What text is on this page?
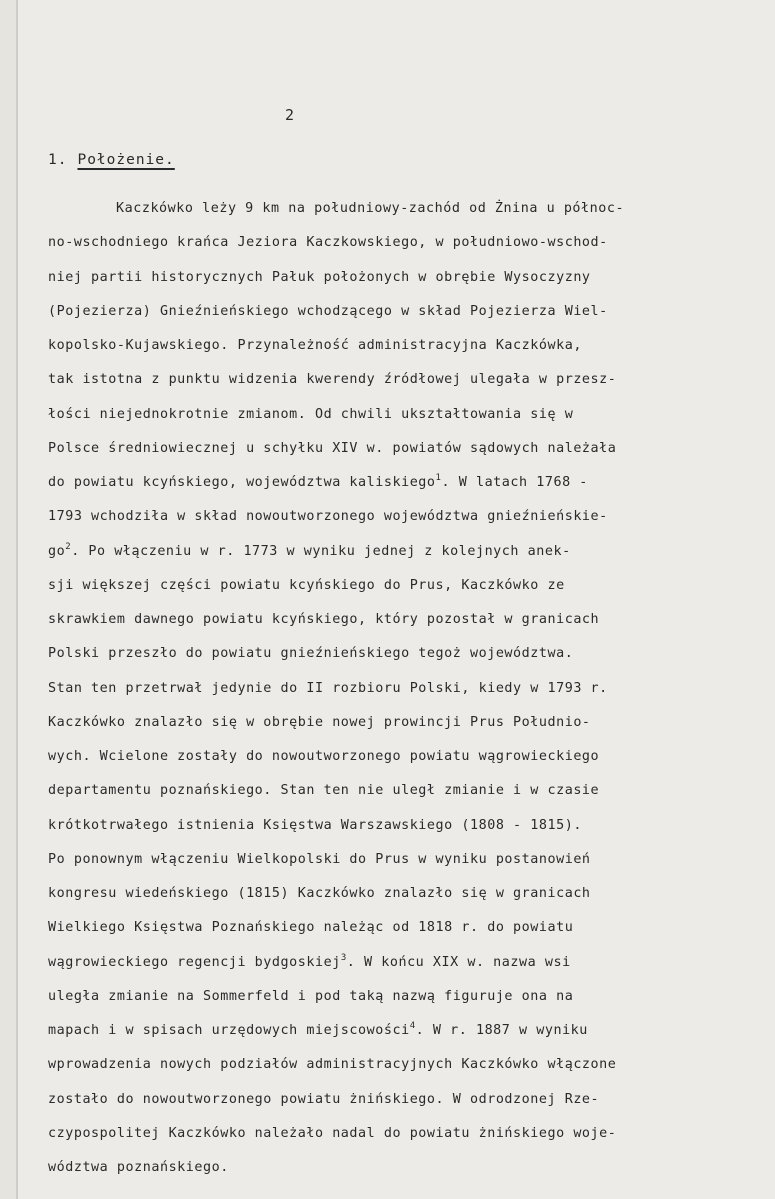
2
1. Położenie.
Kaczkówko leży 9 km na południowy-zachód od Żnina u północ-
no-wschodniego krańca Jeziora Kaczkowskiego, w południowo-wschod-
niej partii historycznych Pałuk położonych w obrębie Wysoczyzny
(Pojezierza) Gnieźnieńskiego wchodzącego w skład Pojezierza Wiel-
kopolsko-Kujawskiego. Przynależność administracyjna Kaczkówka,
tak istotna z punktu widzenia kwerendy źródłowej ulegała w przesz-
łości niejednokrotnie zmianom. Od chwili ukształtowania się w
Polsce średniowiecznej u schyłku XIV w. powiatów sądowych należała
do powiatu kcyńskiego, województwa kaliskiego$^1$. W latach 1768 -
1793 wchodziła w skład nowoutworzonego województwa gnieźnieńskie-
$go^2$. Po włączeniu w r. 1773 w wyniku jednej z kolejnych anek-
sji większej części powiatu kcyńskiego do Prus, Kaczkówko ze
skrawkiem dawnego powiatu kcyńskiego, który pozostał w granicach
Polski przeszło do powiatu gnieźnieńskiego tegoż województwa.
Stan ten przetrwał jedynie do II rozbioru Polski, kiedy w 1793 r.
Kaczkówko znalazło się w obrębie nowej prowincji Prus Południo-
wych. Wcielone zostały do nowoutworzonego powiatu wągrowieckiego
departamentu poznańskiego. Stan ten nie uległ zmianie i w czasie
krótkotrwałego istnienia Księstwa Warszawskiego (1808 - 1815).
Po ponownym włączeniu Wielkopolski do Prus w wyniku postanowień
kongresu wiedeńskiego (1815) Kaczkówko znalazło się w granicach
Wielkiego Księstwa Poznańskiego należąc od 1818 r. do powiatu
wągrowieckiego regencji bydgoskiej$^3$. W końcu XIX w. nazwa wsi
uległa zmianie na Sommerfeld i pod taką nazwą figuruje ona na
mapach i w spisach urzędowych miejscowości$^4$. W r. 1887 w wyniku
wprowadzenia nowych podziałów administracyjnych Kaczkówko włączone
zostało do nowoutworzonego powiatu żnińskiego. W odrodzonej Rze-
czypospolitej Kaczkówko należało nadal do powiatu żnińskiego woje-
wództwa poznańskiego.
